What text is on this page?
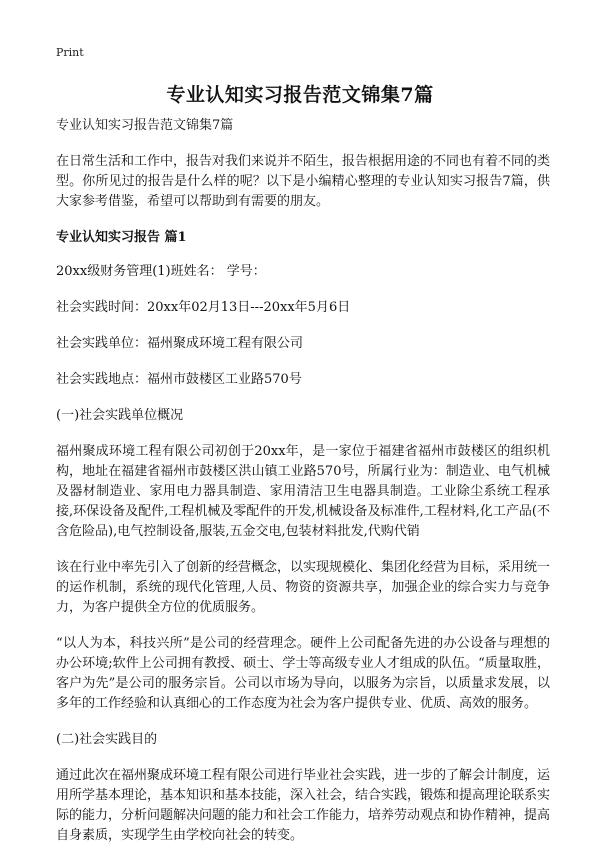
Print
专业认知实习报告范文锦集7篇

专业认知实习报告范文锦集7篇

在日常生活和工作中，报告对我们来说并不陌生，报告根据用途的不同也有着不同的类型。你所见过的报告是什么样的呢？以下是小编精心整理的专业认知实习报告7篇，供大家参考借鉴，希望可以帮助到有需要的朋友。

专业认知实习报告 篇1

20xx级财务管理(1)班姓名： 学号：

社会实践时间：20xx年02月13日---20xx年5月6日

社会实践单位：福州聚成环境工程有限公司

社会实践地点：福州市鼓楼区工业路570号

(一)社会实践单位概况

福州聚成环境工程有限公司初创于20xx年，是一家位于福建省福州市鼓楼区的组织机构，地址在福建省福州市鼓楼区洪山镇工业路570号，所属行业为：制造业、电气机械及器材制造业、家用电力器具制造、家用清洁卫生电器具制造。工业除尘系统工程承接,环保设备及配件,工程机械及零配件的开发,机械设备及标准件,工程材料,化工产品(不含危险品),电气控制设备,服装,五金交电,包装材料批发,代购代销

该在行业中率先引入了创新的经营概念，以实现规模化、集团化经营为目标，采用统一的运作机制，系统的现代化管理,人员、物资的资源共享，加强企业的综合实力与竞争力，为客户提供全方位的优质服务。

“以人为本，科技兴所”是公司的经营理念。硬件上公司配备先进的办公设备与理想的办公环境;软件上公司拥有教授、硕士、学士等高级专业人才组成的队伍。“质量取胜，客户为先”是公司的服务宗旨。公司以市场为导向，以服务为宗旨，以质量求发展，以多年的工作经验和认真细心的工作态度为社会为客户提供专业、优质、高效的服务。

(二)社会实践目的

通过此次在福州聚成环境工程有限公司进行毕业社会实践，进一步的了解会计制度，运用所学基本理论，基本知识和基本技能，深入社会，结合实践，锻炼和提高理论联系实际的能力，分析问题解决问题的能力和社会工作能力，培养劳动观点和协作精神，提高自身素质，实现学生由学校向社会的转变。
